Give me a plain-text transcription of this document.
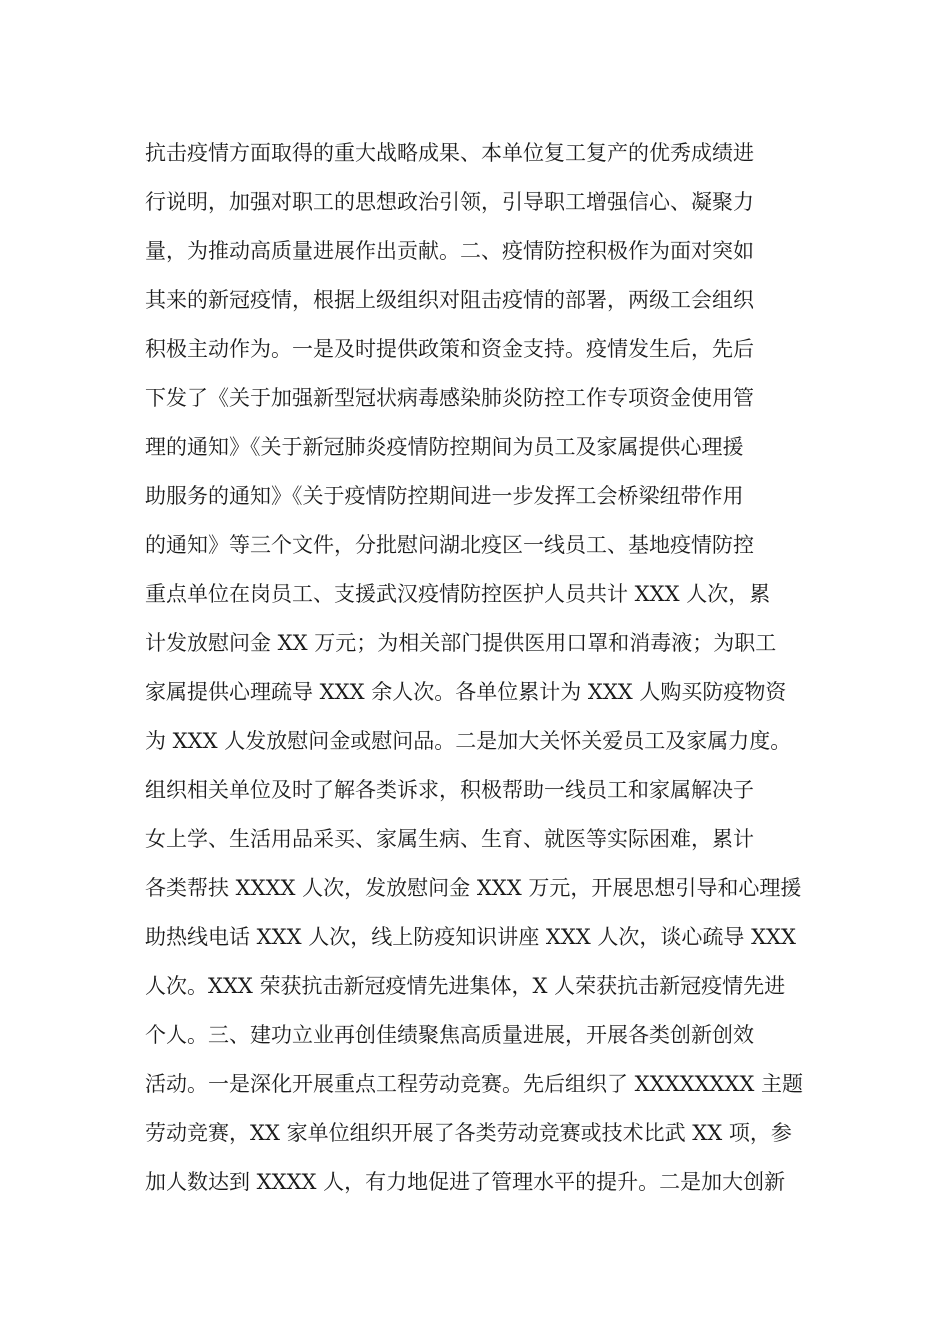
抗击疫情方面取得的重大战略成果、本单位复工复产的优秀成绩进
行说明，加强对职工的思想政治引领，引导职工增强信心、凝聚力
量，为推动高质量进展作出贡献。二、疫情防控积极作为面对突如
其来的新冠疫情，根据上级组织对阻击疫情的部署，两级工会组织
积极主动作为。一是及时提供政策和资金支持。疫情发生后，先后
下发了《关于加强新型冠状病毒感染肺炎防控工作专项资金使用管
理的通知》《关于新冠肺炎疫情防控期间为员工及家属提供心理援
助服务的通知》《关于疫情防控期间进一步发挥工会桥梁纽带作用
的通知》等三个文件，分批慰问湖北疫区一线员工、基地疫情防控
重点单位在岗员工、支援武汉疫情防控医护人员共计 XXX 人次，累
计发放慰问金 XX 万元；为相关部门提供医用口罩和消毒液；为职工
家属提供心理疏导 XXX 余人次。各单位累计为 XXX 人购买防疫物资
为 XXX 人发放慰问金或慰问品。二是加大关怀关爱员工及家属力度。
组织相关单位及时了解各类诉求，积极帮助一线员工和家属解决子
女上学、生活用品采买、家属生病、生育、就医等实际困难，累计
各类帮扶 XXXX 人次，发放慰问金 XXX 万元，开展思想引导和心理援
助热线电话 XXX 人次，线上防疫知识讲座 XXX 人次，谈心疏导 XXX
人次。XXX 荣获抗击新冠疫情先进集体，X 人荣获抗击新冠疫情先进
个人。三、建功立业再创佳绩聚焦高质量进展，开展各类创新创效
活动。一是深化开展重点工程劳动竞赛。先后组织了 XXXXXXXX 主题
劳动竞赛，XX 家单位组织开展了各类劳动竞赛或技术比武 XX 项，参
加人数达到 XXXX 人，有力地促进了管理水平的提升。二是加大创新
